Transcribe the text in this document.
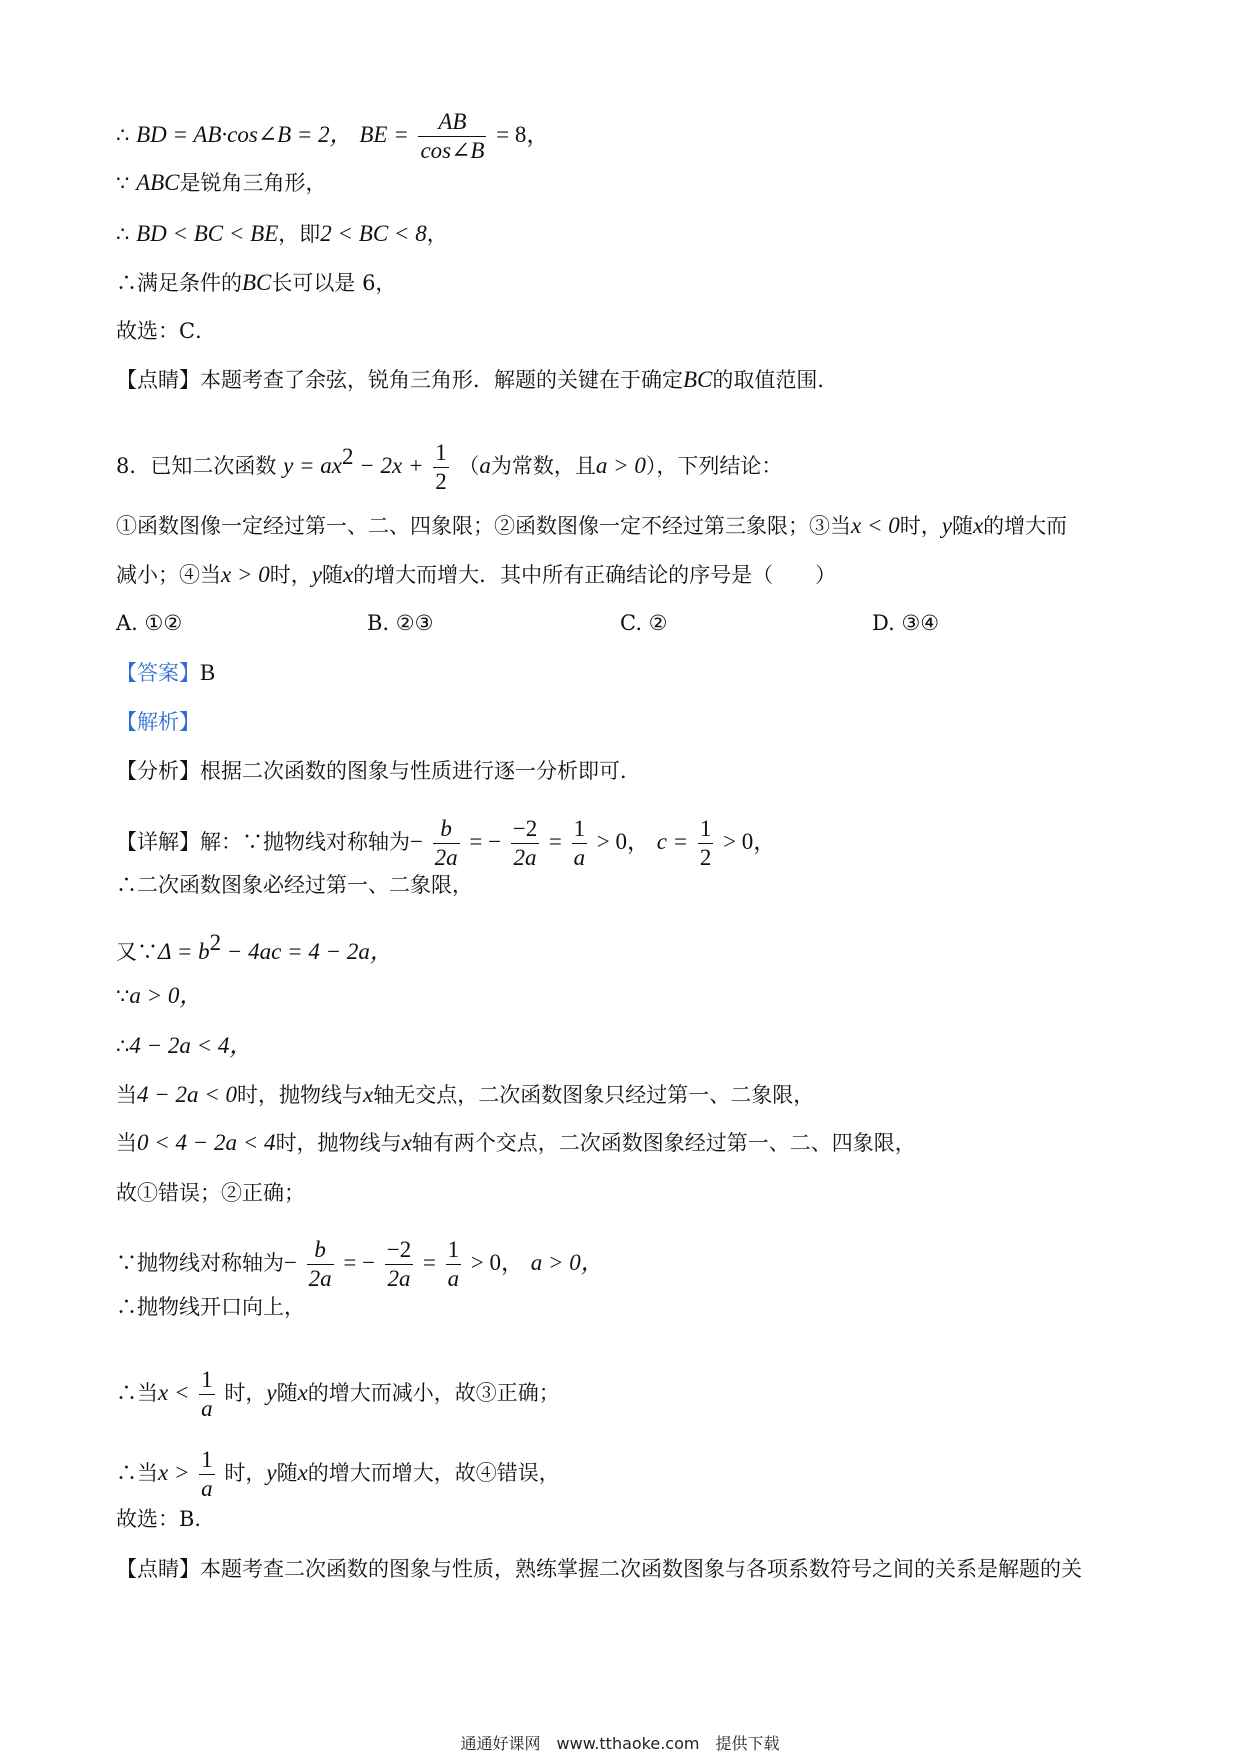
∴ BD = AB·cos∠B = 2， BE = $\frac{AB}{\cos\angle B} = 8$，
∵ ABC是锐角三角形，
∴ BD < BC < BE，即2 < BC < 8，
∴满足条件的BC长可以是 6，
故选：C．
【点睛】本题考查了余弦，锐角三角形．解题的关键在于确定BC的取值范围．
8．已知二次函数 $y = ax^2 - 2x + \frac{1}{2} (a$为常数，且a > 0），下列结论：
①函数图像一定经过第一、二、四象限；②函数图像一定不经过第三象限；③当x < 0时，y随x的增大而
减小；④当x > 0时，y随x的增大而增大．其中所有正确结论的序号是（　　）
A. ①②	B. ②③	C. ②	D. ③④
【答案】B
【解析】
【分析】根据二次函数的图象与性质进行逐一分析即可．
【详解】解：∵抛物线对称轴为− $\frac{b}{2a}$ = − $\frac{-2}{2a} = \frac{1}{a} > 0$， $c = \frac{1}{2} > 0$，
∴二次函数图象必经过第一、二象限，
又∵Δ = $b^2 - 4ac = 4 - 2a$，
∵a > 0，
∴4 − 2a < 4，
当4 − 2a < 0时，抛物线与x轴无交点，二次函数图象只经过第一、二象限，
当0 < 4 − 2a < 4时，抛物线与x轴有两个交点，二次函数图象经过第一、二、四象限，
故①错误；②正确；
∵抛物线对称轴为− $\frac{b}{2a}$ = − $\frac{-2}{2a} = \frac{1}{a} > 0$， a > 0，
∴抛物线开口向上，
∴当$x < \frac{1}{a}$ 时，y随x的增大而减小，故③正确；
∴当$x > \frac{1}{a}$ 时，y随x的增大而增大，故④错误，
故选：B．
【点睛】本题考查二次函数的图象与性质，熟练掌握二次函数图象与各项系数符号之间的关系是解题的关
通通好课网　www.tthaoke.com　提供下载
